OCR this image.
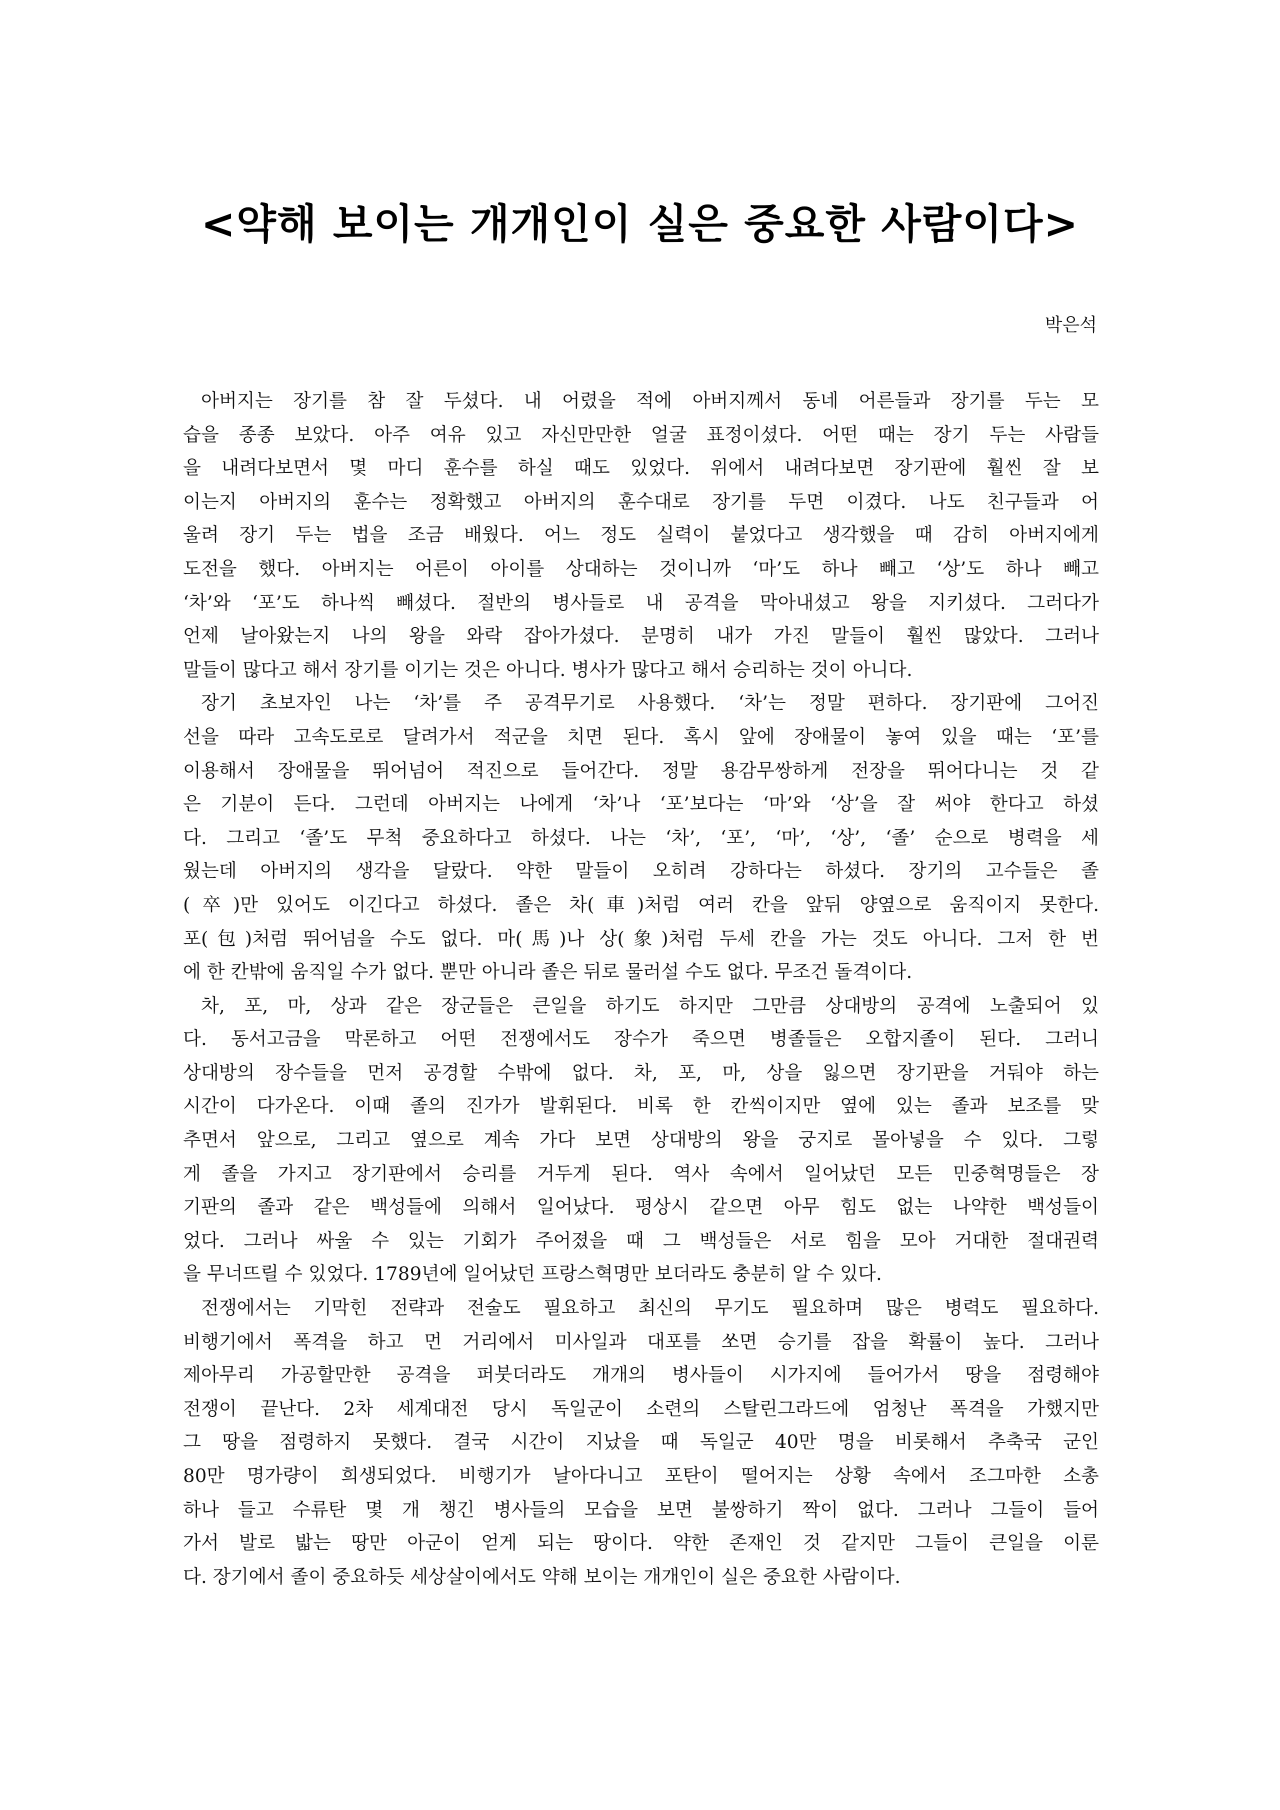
<약해 보이는 개개인이 실은 중요한 사람이다>
박은석
아버지는 장기를 참 잘 두셨다. 내 어렸을 적에 아버지께서 동네 어른들과 장기를 두는 모
습을 종종 보았다. 아주 여유 있고 자신만만한 얼굴 표정이셨다. 어떤 때는 장기 두는 사람들
을 내려다보면서 몇 마디 훈수를 하실 때도 있었다. 위에서 내려다보면 장기판에 훨씬 잘 보
이는지 아버지의 훈수는 정확했고 아버지의 훈수대로 장기를 두면 이겼다. 나도 친구들과 어
울려 장기 두는 법을 조금 배웠다. 어느 정도 실력이 붙었다고 생각했을 때 감히 아버지에게
도전을 했다. 아버지는 어른이 아이를 상대하는 것이니까 ‘마’도 하나 빼고 ‘상’도 하나 빼고
‘차’와 ‘포’도 하나씩 빼셨다. 절반의 병사들로 내 공격을 막아내셨고 왕을 지키셨다. 그러다가
언제 날아왔는지 나의 왕을 와락 잡아가셨다. 분명히 내가 가진 말들이 훨씬 많았다. 그러나
말들이 많다고 해서 장기를 이기는 것은 아니다. 병사가 많다고 해서 승리하는 것이 아니다.
장기 초보자인 나는 ‘차’를 주 공격무기로 사용했다. ‘차’는 정말 편하다. 장기판에 그어진
선을 따라 고속도로로 달려가서 적군을 치면 된다. 혹시 앞에 장애물이 놓여 있을 때는 ‘포’를
이용해서 장애물을 뛰어넘어 적진으로 들어간다. 정말 용감무쌍하게 전장을 뛰어다니는 것 같
은 기분이 든다. 그런데 아버지는 나에게 ‘차’나 ‘포’보다는 ‘마’와 ‘상’을 잘 써야 한다고 하셨
다. 그리고 ‘졸’도 무척 중요하다고 하셨다. 나는 ‘차’, ‘포’, ‘마’, ‘상’, ‘졸’ 순으로 병력을 세
웠는데 아버지의 생각을 달랐다. 약한 말들이 오히려 강하다는 하셨다. 장기의 고수들은 졸
(卒)만 있어도 이긴다고 하셨다. 졸은 차(車)처럼 여러 칸을 앞뒤 양옆으로 움직이지 못한다.
포(包)처럼 뛰어넘을 수도 없다. 마(馬)나 상(象)처럼 두세 칸을 가는 것도 아니다. 그저 한 번
에 한 칸밖에 움직일 수가 없다. 뿐만 아니라 졸은 뒤로 물러설 수도 없다. 무조건 돌격이다.
차, 포, 마, 상과 같은 장군들은 큰일을 하기도 하지만 그만큼 상대방의 공격에 노출되어 있
다. 동서고금을 막론하고 어떤 전쟁에서도 장수가 죽으면 병졸들은 오합지졸이 된다. 그러니
상대방의 장수들을 먼저 공경할 수밖에 없다. 차, 포, 마, 상을 잃으면 장기판을 거둬야 하는
시간이 다가온다. 이때 졸의 진가가 발휘된다. 비록 한 칸씩이지만 옆에 있는 졸과 보조를 맞
추면서 앞으로, 그리고 옆으로 계속 가다 보면 상대방의 왕을 궁지로 몰아넣을 수 있다. 그렇
게 졸을 가지고 장기판에서 승리를 거두게 된다. 역사 속에서 일어났던 모든 민중혁명들은 장
기판의 졸과 같은 백성들에 의해서 일어났다. 평상시 같으면 아무 힘도 없는 나약한 백성들이
었다. 그러나 싸울 수 있는 기회가 주어졌을 때 그 백성들은 서로 힘을 모아 거대한 절대권력
을 무너뜨릴 수 있었다. 1789년에 일어났던 프랑스혁명만 보더라도 충분히 알 수 있다.
전쟁에서는 기막힌 전략과 전술도 필요하고 최신의 무기도 필요하며 많은 병력도 필요하다.
비행기에서 폭격을 하고 먼 거리에서 미사일과 대포를 쏘면 승기를 잡을 확률이 높다. 그러나
제아무리 가공할만한 공격을 퍼붓더라도 개개의 병사들이 시가지에 들어가서 땅을 점령해야
전쟁이 끝난다. 2차 세계대전 당시 독일군이 소련의 스탈린그라드에 엄청난 폭격을 가했지만
그 땅을 점령하지 못했다. 결국 시간이 지났을 때 독일군 40만 명을 비롯해서 추축국 군인
80만 명가량이 희생되었다. 비행기가 날아다니고 포탄이 떨어지는 상황 속에서 조그마한 소총
하나 들고 수류탄 몇 개 챙긴 병사들의 모습을 보면 불쌍하기 짝이 없다. 그러나 그들이 들어
가서 발로 밟는 땅만 아군이 얻게 되는 땅이다. 약한 존재인 것 같지만 그들이 큰일을 이룬
다. 장기에서 졸이 중요하듯 세상살이에서도 약해 보이는 개개인이 실은 중요한 사람이다.
